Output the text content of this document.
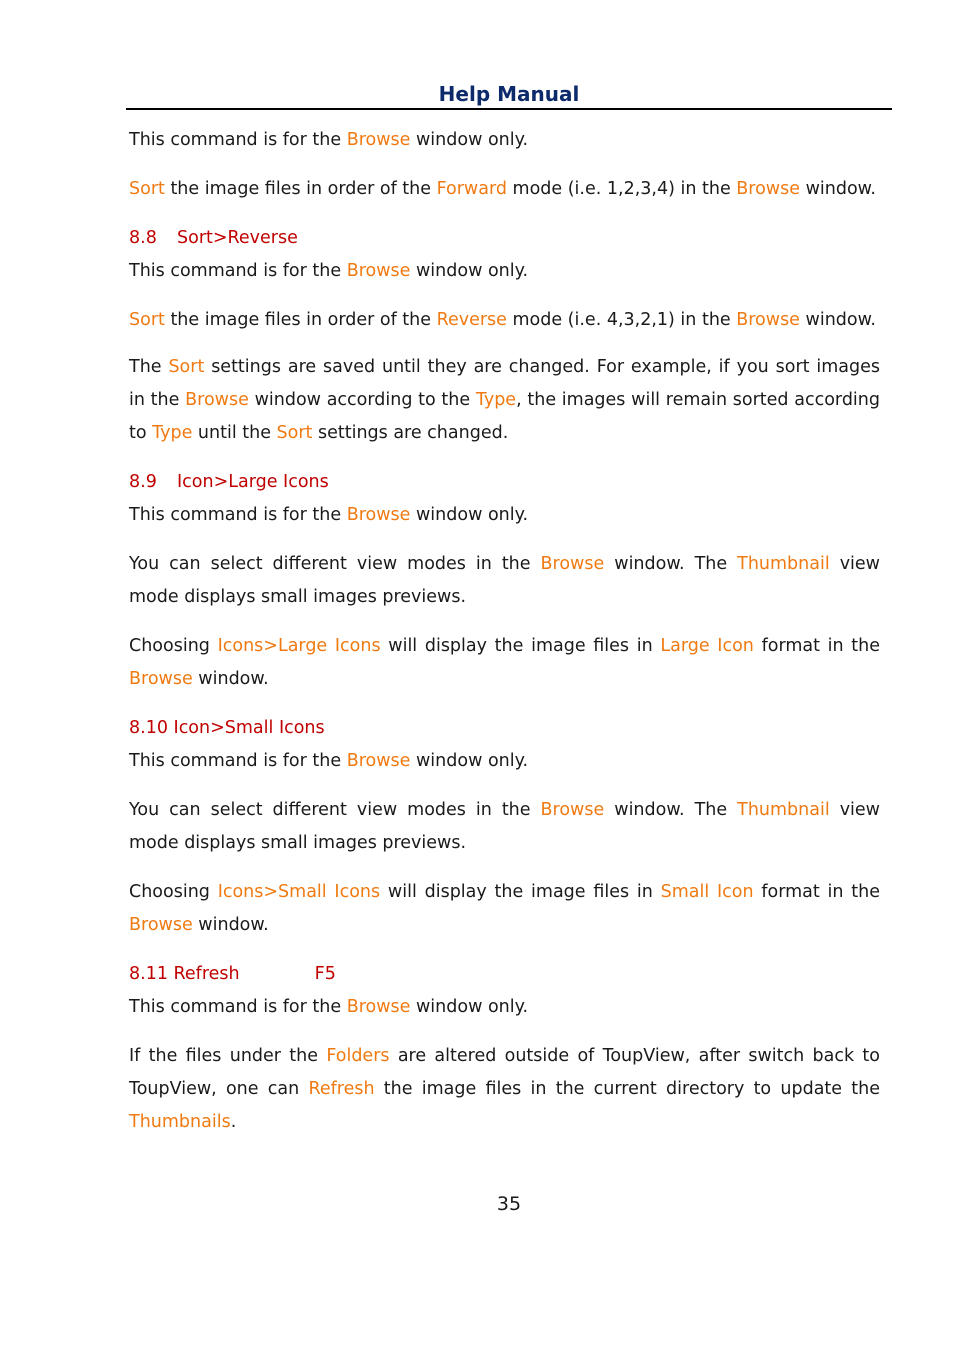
Help Manual

This command is for the Browse window only.

Sort the image files in order of the Forward mode (i.e. 1,2,3,4) in the Browse window.

8.8 Sort>Reverse

This command is for the Browse window only.

Sort the image files in order of the Reverse mode (i.e. 4,3,2,1) in the Browse window.

The Sort settings are saved until they are changed. For example, if you sort images in the Browse window according to the Type, the images will remain sorted according to Type until the Sort settings are changed.

8.9 Icon>Large Icons

This command is for the Browse window only.

You can select different view modes in the Browse window. The Thumbnail view mode displays small images previews.

Choosing Icons>Large Icons will display the image files in Large Icon format in the Browse window.

8.10 Icon>Small Icons

This command is for the Browse window only.

You can select different view modes in the Browse window. The Thumbnail view mode displays small images previews.

Choosing Icons>Small Icons will display the image files in Small Icon format in the Browse window.

8.11 Refresh	F5

This command is for the Browse window only.

If the files under the Folders are altered outside of ToupView, after switch back to ToupView, one can Refresh the image files in the current directory to update the Thumbnails.

35
